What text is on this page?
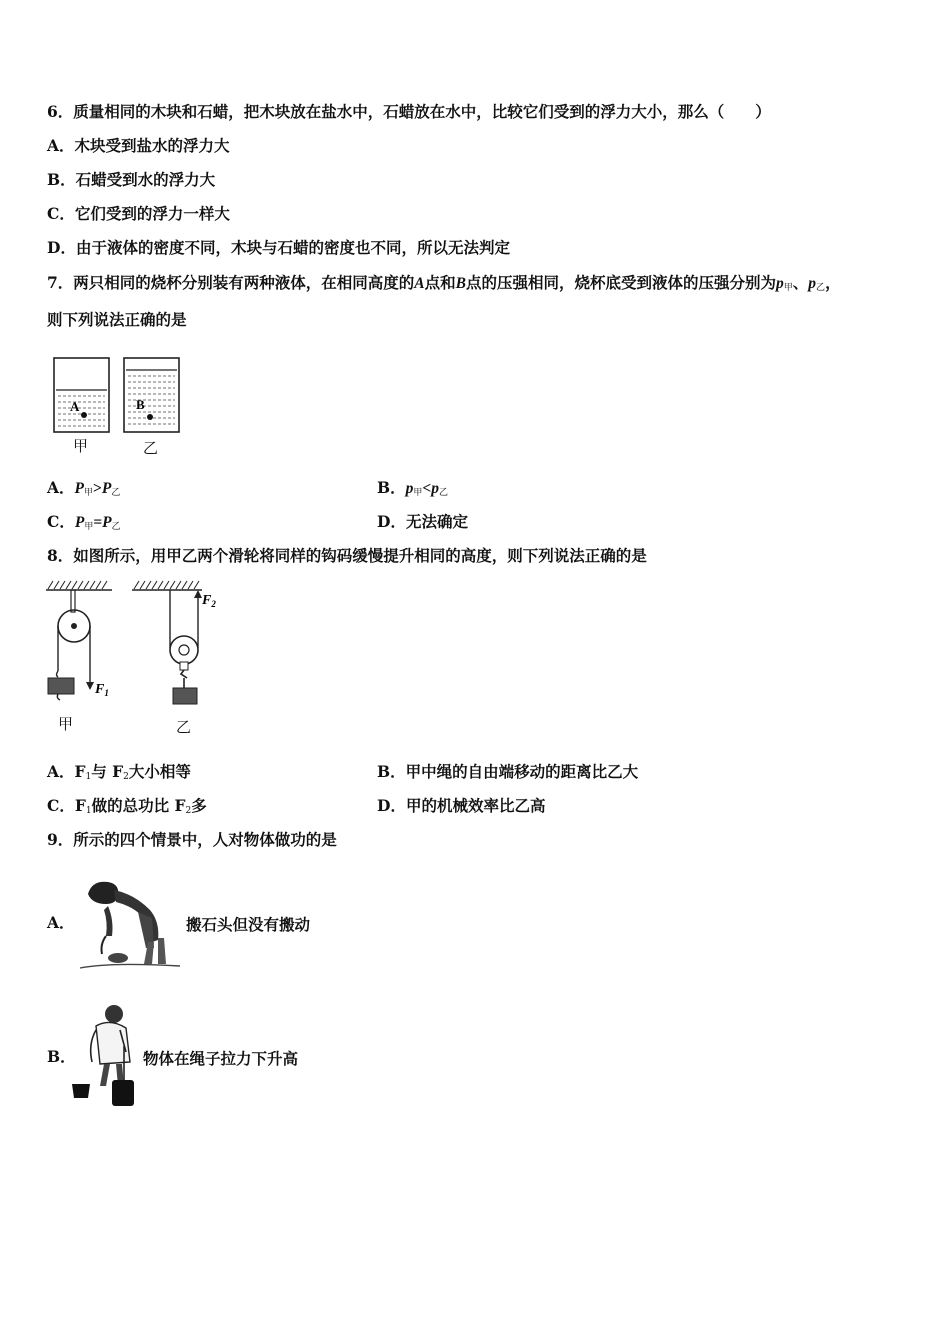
6．质量相同的木块和石蜡，把木块放在盐水中，石蜡放在水中，比较它们受到的浮力大小，那么（　　）
A．木块受到盐水的浮力大
B．石蜡受到水的浮力大
C．它们受到的浮力一样大
D．由于液体的密度不同，木块与石蜡的密度也不同，所以无法判定
7．两只相同的烧杯分别装有两种液体，在相同高度的A点和B点的压强相同，烧杯底受到液体的压强分别为$p_甲$、$p_乙$，
则下列说法正确的是
A	B
甲	乙
A．$P_甲>P_乙$	B．$p_甲<p_乙$
C．$P_甲=P_乙$	D．无法确定
8．如图所示，用甲乙两个滑轮将同样的钩码缓慢提升相同的高度，则下列说法正确的是
$F_1$
$F_2$
甲	乙
A．$F_1$与 $F_2$大小相等	B．甲中绳的自由端移动的距离比乙大
C．$F_1$做的总功比 $F_2$多	D．甲的机械效率比乙高
9．所示的四个情景中，人对物体做功的是
A．	搬石头但没有搬动
B．	物体在绳子拉力下升高
